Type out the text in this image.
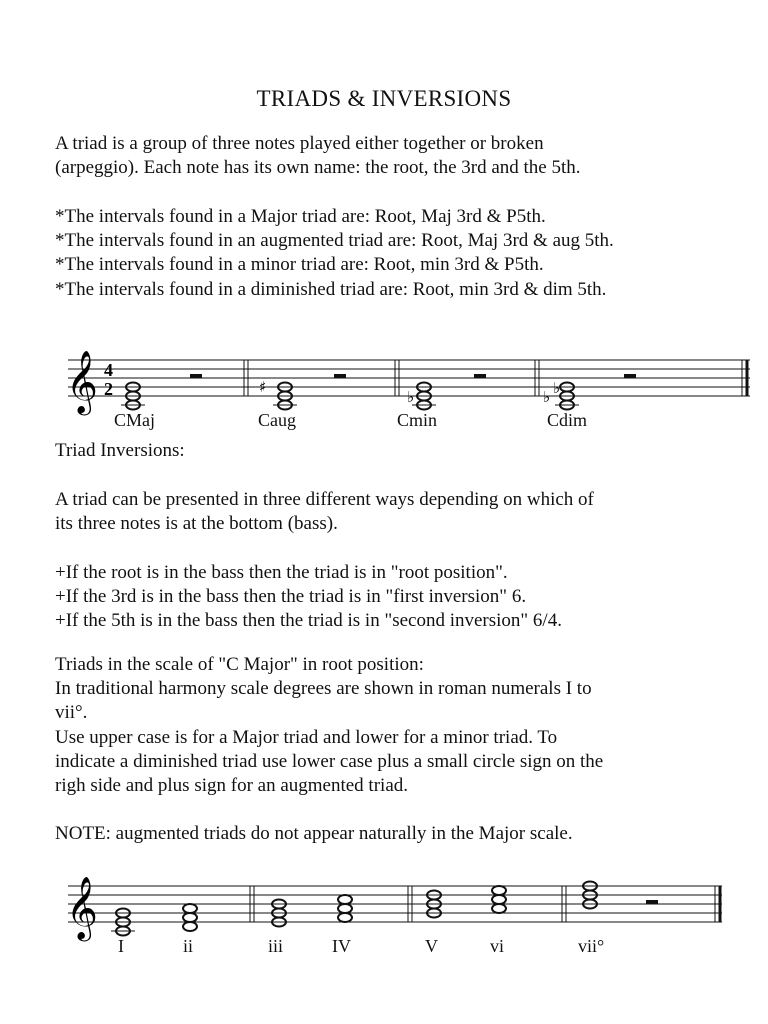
TRIADS & INVERSIONS

A triad is a group of three notes played either together or broken

(arpeggio). Each note has its own name: the root, the 3rd and the 5th.

*The intervals found in a Major triad are: Root, Maj 3rd & P5th.

*The intervals found in an augmented triad are: Root, Maj 3rd & aug 5th.

*The intervals found in a minor triad are: Root, min 3rd & P5th.

*The intervals found in a diminished triad are: Root, min 3rd & dim 5th.

𝄞 4
2	♯
♭	♭ ♭

CMaj	Caug	Cmin	Cdim

Triad Inversions:

A triad can be presented in three different ways depending on which of

its three notes is at the bottom (bass).

+If the root is in the bass then the triad is in "root position".

+If the 3rd is in the bass then the triad is in "first inversion" 6.

+If the 5th is in the bass then the triad is in "second inversion" 6/4.

Triads in the scale of "C Major" in root position:

In traditional harmony scale degrees are shown in roman numerals I to

vii°.

Use upper case is for a Major triad and lower for a minor triad. To

indicate a diminished triad use lower case plus a small circle sign on the

righ side and plus sign for an augmented triad.

NOTE: augmented triads do not appear naturally in the Major scale.

𝄞

I	ii	iii	IV	V	vi	vii°
